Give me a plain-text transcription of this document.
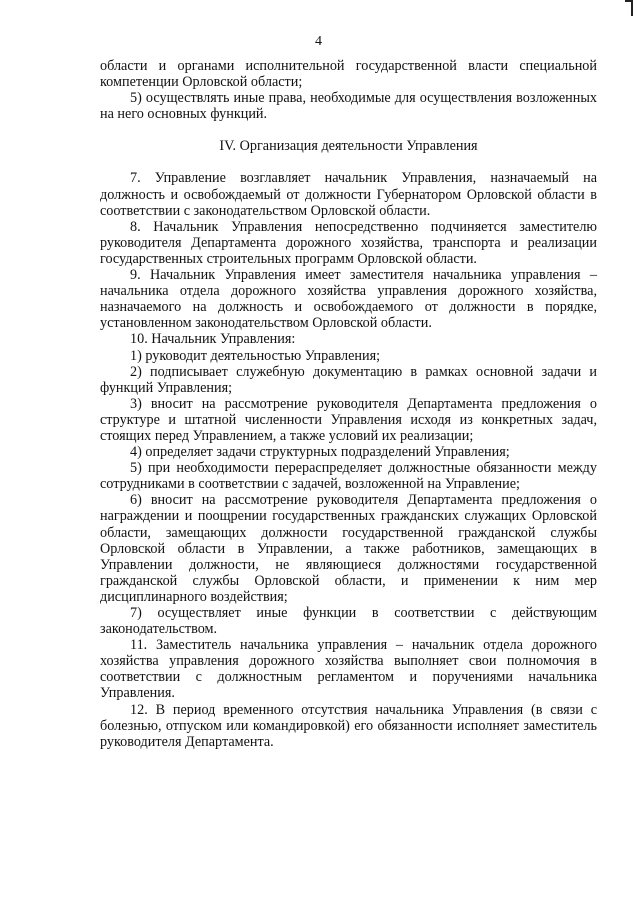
4

области и органами исполнительной государственной власти специальной компетенции Орловской области;

5) осуществлять иные права, необходимые для осуществления возложенных на него основных функций.

IV. Организация деятельности Управления

7. Управление возглавляет начальник Управления, назначаемый на должность и освобождаемый от должности Губернатором Орловской области в соответствии с законодательством Орловской области.

8. Начальник Управления непосредственно подчиняется заместителю руководителя Департамента дорожного хозяйства, транспорта и реализации государственных строительных программ Орловской области.

9. Начальник Управления имеет заместителя начальника управления – начальника отдела дорожного хозяйства управления дорожного хозяйства, назначаемого на должность и освобождаемого от должности в порядке, установленном законодательством Орловской области.

10. Начальник Управления:

1) руководит деятельностью Управления;

2) подписывает служебную документацию в рамках основной задачи и функций Управления;

3) вносит на рассмотрение руководителя Департамента предложения о структуре и штатной численности Управления исходя из конкретных задач, стоящих перед Управлением, а также условий их реализации;

4) определяет задачи структурных подразделений Управления;

5) при необходимости перераспределяет должностные обязанности между сотрудниками в соответствии с задачей, возложенной на Управление;

6) вносит на рассмотрение руководителя Департамента предложения о награждении и поощрении государственных гражданских служащих Орловской области, замещающих должности государственной гражданской службы Орловской области в Управлении, а также работников, замещающих в Управлении должности, не являющиеся должностями государственной гражданской службы Орловской области, и применении к ним мер дисциплинарного воздействия;

7) осуществляет иные функции в соответствии с действующим законодательством.

11. Заместитель начальника управления – начальник отдела дорожного хозяйства управления дорожного хозяйства выполняет свои полномочия в соответствии с должностным регламентом и поручениями начальника Управления.

12. В период временного отсутствия начальника Управления (в связи с болезнью, отпуском или командировкой) его обязанности исполняет заместитель руководителя Департамента.
